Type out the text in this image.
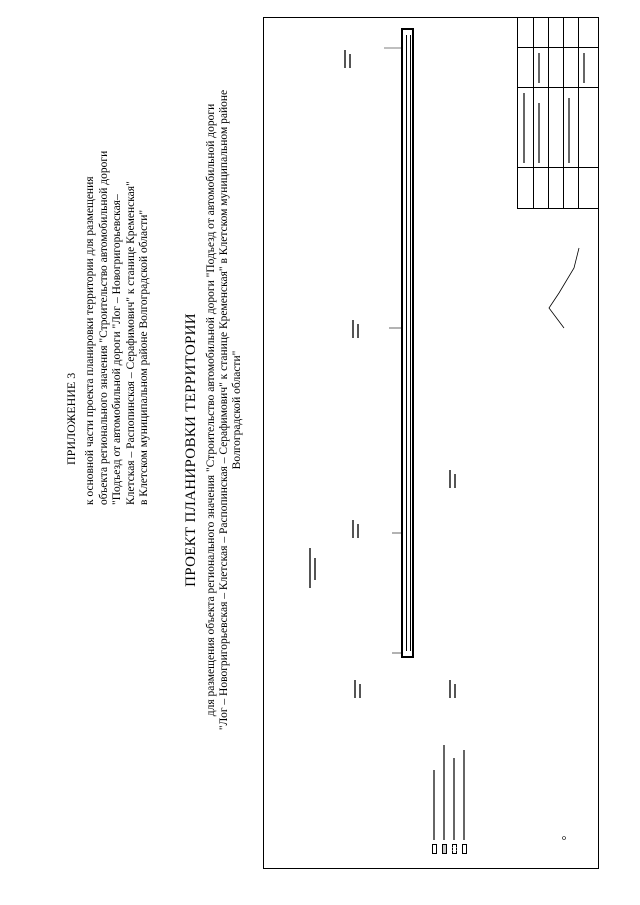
ПРИЛОЖЕНИЕ 3 к основной части проекта планировки территории для размещения объекта регионального значения "Строительство автомобильной дороги "Подъезд от автомобильной дороги "Лог – Новогригорьевская– Клетская – Распопинская – Серафимович" к станице Кременская" в Клетском муниципальном районе Волгоградской области" ПРОЕКТ ПЛАНИРОВКИ ТЕРРИТОРИИ для размещения объекта регионального значения "Строительство автомобильной дороги "Подъезд от автомобильной дороги "Лог – Новогригорьевская – Клетская – Распопинская – Серафимович" к станице Кременская" в Клетском муниципальном районе Волгоградской области"
